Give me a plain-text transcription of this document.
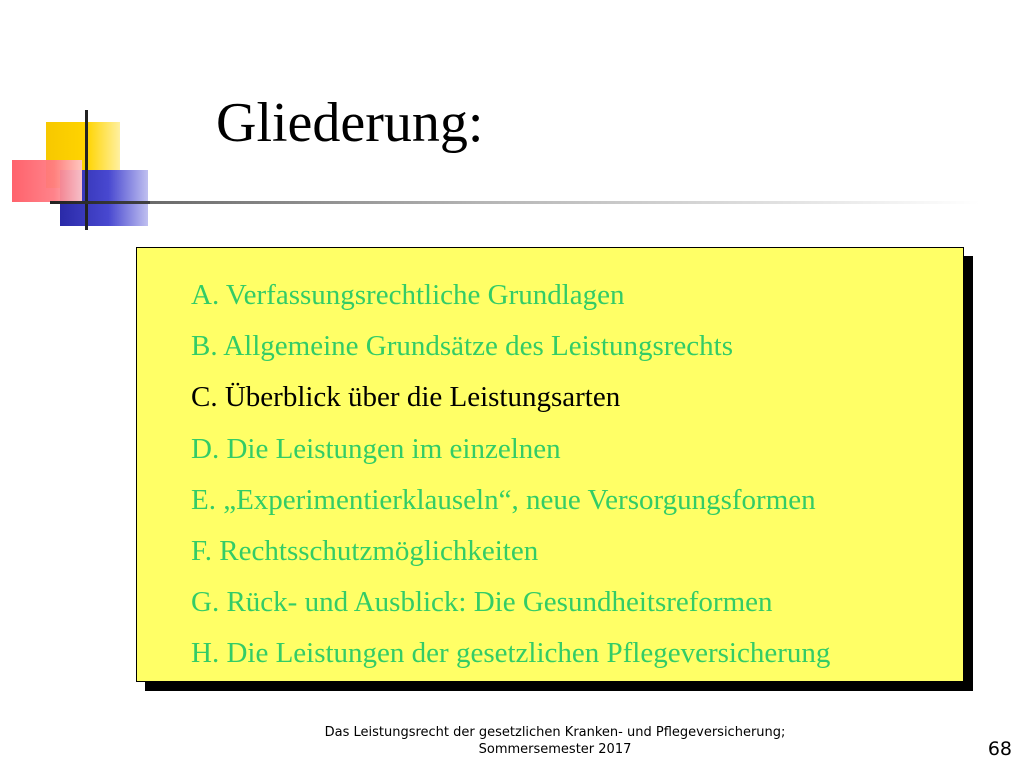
Gliederung:
A. Verfassungsrechtliche Grundlagen
B. Allgemeine Grundsätze des Leistungsrechts
C. Überblick über die Leistungsarten
D. Die Leistungen im einzelnen
E. „Experimentierklauseln“, neue Versorgungsformen
F. Rechtsschutzmöglichkeiten
G. Rück- und Ausblick: Die Gesundheitsreformen
H. Die Leistungen der gesetzlichen Pflegeversicherung
Das Leistungsrecht der gesetzlichen Kranken- und Pflegeversicherung;
Sommersemester 2017	68
